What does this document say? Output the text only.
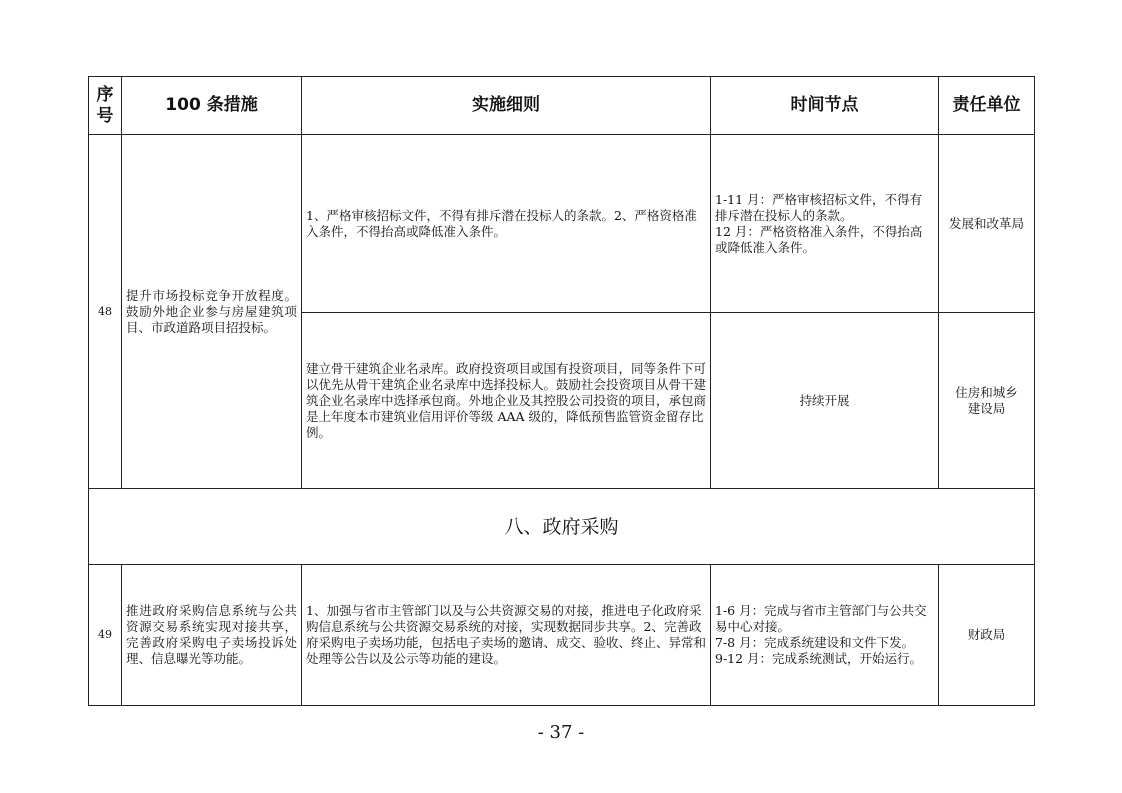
序号	100 条措施	实施细则	时间节点	责任单位
48	提升市场投标竞争开放程度。鼓励外地企业参与房屋建筑项目、市政道路项目招投标。	1、严格审核招标文件，不得有排斥潜在投标人的条款。2、严格资格准入条件，不得抬高或降低准入条件。	1-11 月：严格审核招标文件，不得有排斥潜在投标人的条款。
12 月：严格资格准入条件，不得抬高或降低准入条件。	发展和改革局
		建立骨干建筑企业名录库。政府投资项目或国有投资项目，同等条件下可以优先从骨干建筑企业名录库中选择投标人。鼓励社会投资项目从骨干建筑企业名录库中选择承包商。外地企业及其控股公司投资的项目，承包商是上年度本市建筑业信用评价等级 AAA 级的，降低预售监管资金留存比例。	持续开展	住房和城乡建设局
八、政府采购				
49	推进政府采购信息系统与公共资源交易系统实现对接共享，完善政府采购电子卖场投诉处理、信息曝光等功能。	1、加强与省市主管部门以及与公共资源交易的对接，推进电子化政府采购信息系统与公共资源交易系统的对接，实现数据同步共享。2、完善政府采购电子卖场功能，包括电子卖场的邀请、成交、验收、终止、异常和处理等公告以及公示等功能的建设。	1-6 月：完成与省市主管部门与公共交易中心对接。
7-8 月：完成系统建设和文件下发。
9-12 月：完成系统测试，开始运行。	财政局
- 37 -
